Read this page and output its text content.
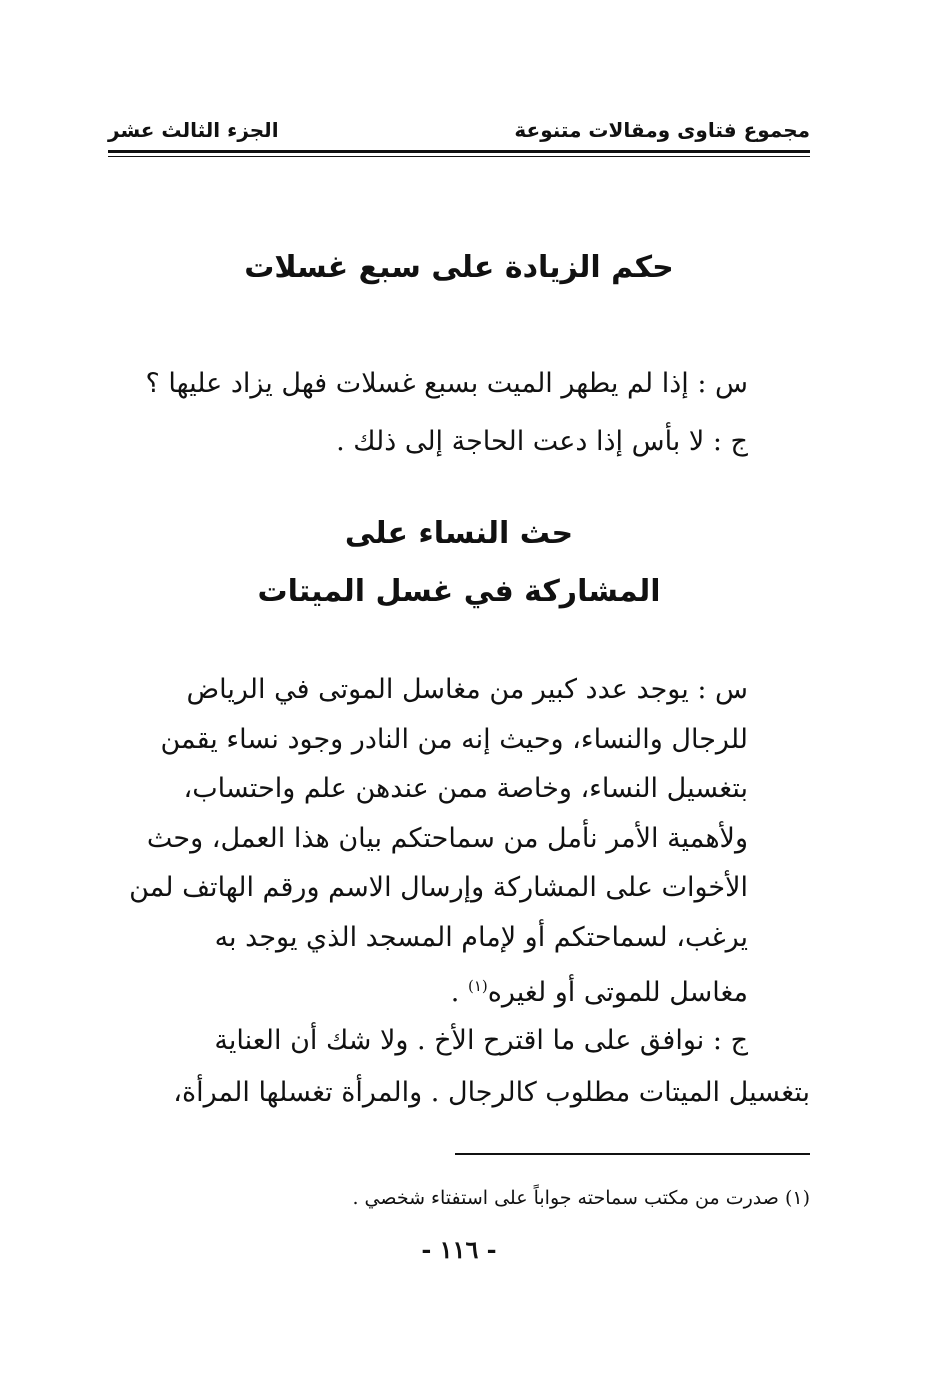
مجموع فتاوى ومقالات متنوعة
الجزء الثالث عشر
حكم الزيادة على سبع غسلات
س : إذا لم يطهر الميت بسبع غسلات فهل يزاد عليها ؟
ج : لا بأس إذا دعت الحاجة إلى ذلك .
حث النساء على
المشاركة في غسل الميتات
س : يوجد عدد كبير من مغاسل الموتى في الرياض
للرجال والنساء، وحيث إنه من النادر وجود نساء يقمن
بتغسيل النساء، وخاصة ممن عندهن علم واحتساب،
ولأهمية الأمر نأمل من سماحتكم بيان هذا العمل، وحث
الأخوات على المشاركة وإرسال الاسم ورقم الهاتف لمن
يرغب، لسماحتكم أو لإمام المسجد الذي يوجد به
مغاسل للموتى أو لغيره$^{(١)}$ .
ج : نوافق على ما اقترح الأخ . ولا شك أن العناية
بتغسيل الميتات مطلوب كالرجال . والمرأة تغسلها المرأة،
(١) صدرت من مكتب سماحته جواباً على استفتاء شخصي .
- ١١٦ -
